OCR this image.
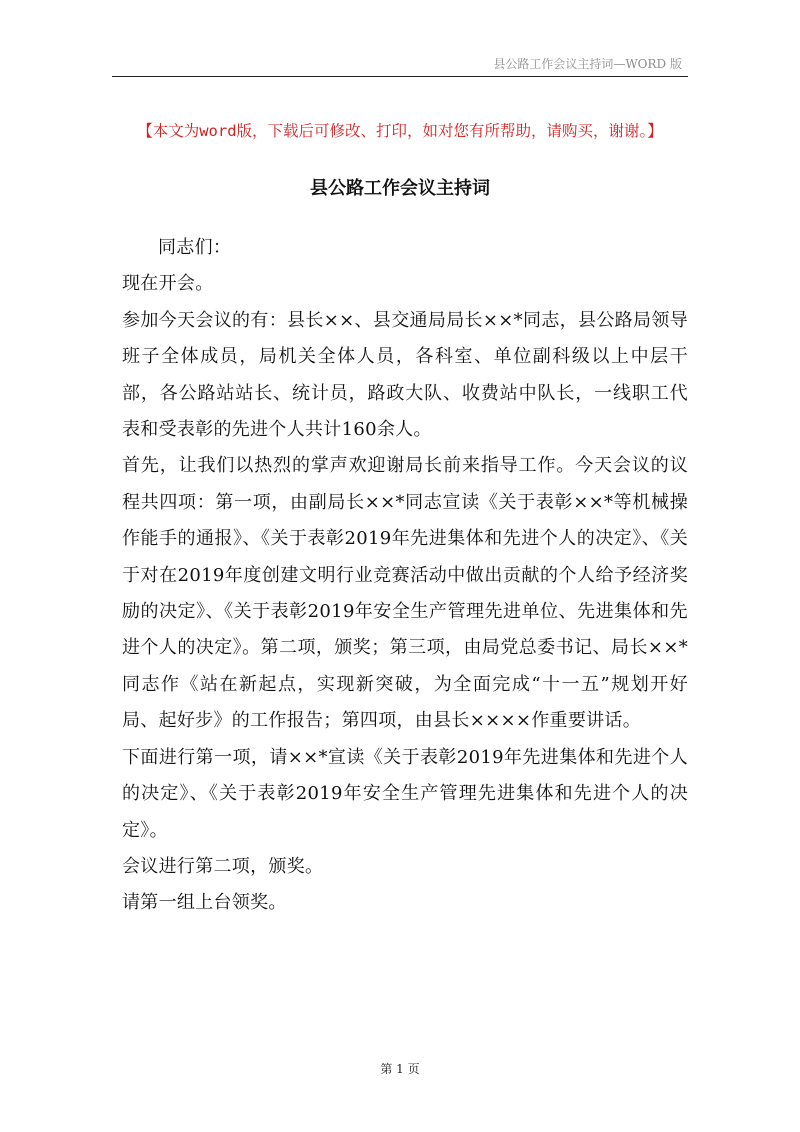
县公路工作会议主持词—WORD 版
【本文为word版，下载后可修改、打印，如对您有所帮助，请购买，谢谢。】
县公路工作会议主持词

同志们：

现在开会。

参加今天会议的有：县长××、县交通局局长××*同志，县公路局领导班子全体成员，局机关全体人员，各科室、单位副科级以上中层干部，各公路站站长、统计员，路政大队、收费站中队长，一线职工代表和受表彰的先进个人共计160余人。

首先，让我们以热烈的掌声欢迎谢局长前来指导工作。今天会议的议程共四项：第一项，由副局长××*同志宣读《关于表彰××*等机械操作能手的通报》、《关于表彰2019年先进集体和先进个人的决定》、《关于对在2019年度创建文明行业竞赛活动中做出贡献的个人给予经济奖励的决定》、《关于表彰2019年安全生产管理先进单位、先进集体和先进个人的决定》。第二项，颁奖；第三项，由局党总委书记、局长××*同志作《站在新起点，实现新突破，为全面完成“十一五”规划开好局、起好步》的工作报告；第四项，由县长××××作重要讲话。

下面进行第一项，请××*宣读《关于表彰2019年先进集体和先进个人的决定》、《关于表彰2019年安全生产管理先进集体和先进个人的决定》。

会议进行第二项，颁奖。

请第一组上台领奖。

第 1 页
